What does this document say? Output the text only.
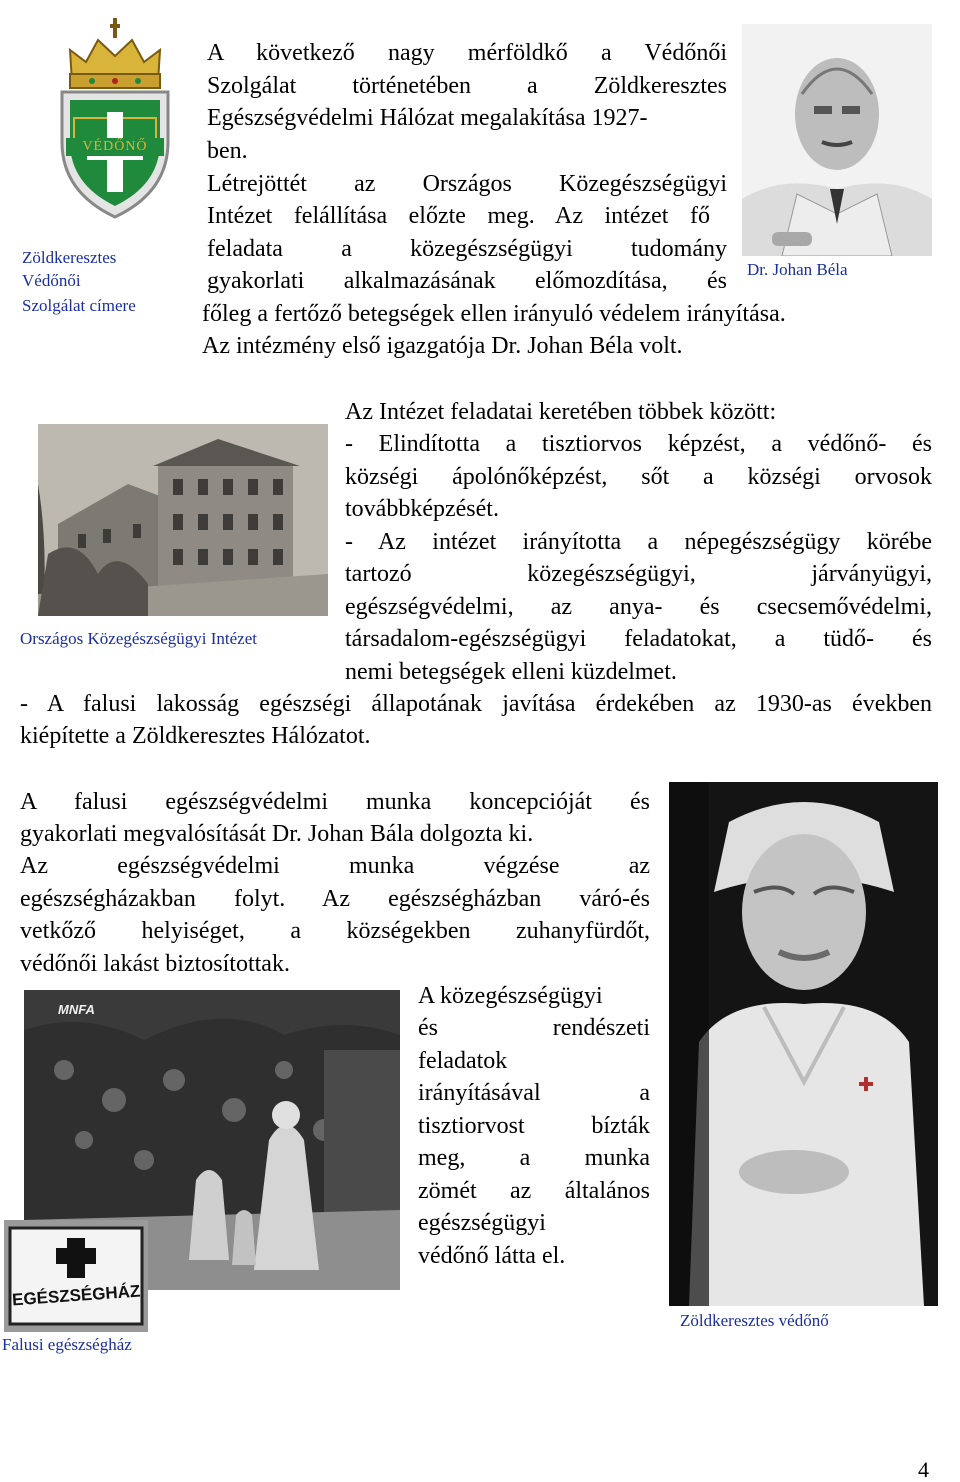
VÉDŐNŐ
Zöldkeresztes
Védőnői
Szolgálat címere
Dr. Johan Béla
A következő nagy mérföldkő a Védőnői
Szolgálat történetében a Zöldkeresztes
Egészségvédelmi Hálózat megalakítása 1927-
ben.
Létrejöttét az Országos Közegészségügyi
Intézet felállítása előzte meg. Az intézet fő
feladata a közegészségügyi tudomány
gyakorlati alkalmazásának előmozdítása, és
főleg a fertőző betegségek ellen irányuló védelem irányítása.
Az intézmény első igazgatója Dr. Johan Béla volt.
Országos Közegészségügyi Intézet
Az Intézet feladatai keretében többek között:
- Elindította a tisztiorvos képzést, a védőnő- és
községi ápolónőképzést, sőt a községi orvosok
továbbképzését.
- Az intézet irányította a népegészségügy körébe
tartozó közegészségügyi, járványügyi,
egészségvédelmi, az anya- és csecsemővédelmi,
társadalom-egészségügyi feladatokat, a tüdő- és
nemi betegségek elleni küzdelmet.
- A falusi lakosság egészségi állapotának javítása érdekében az 1930-as években
kiépítette a Zöldkeresztes Hálózatot.
A falusi egészségvédelmi munka koncepcióját és
gyakorlati megvalósítását Dr. Johan Bála dolgozta ki.
Az egészségvédelmi munka végzése az
egészségházakban folyt. Az egészségházban váró-és
vetkőző helyiséget, a községekben zuhanyfürdőt,
védőnői lakást biztosítottak.
Zöldkeresztes védőnő
A közegészségügyi
és rendészeti
feladatok
irányításával a
tisztiorvost bízták
meg, a munka
zömét az általános
egészségügyi
védőnő látta el.
MNFA
EGÉSZSÉGHÁZ
Falusi egészségház
4
